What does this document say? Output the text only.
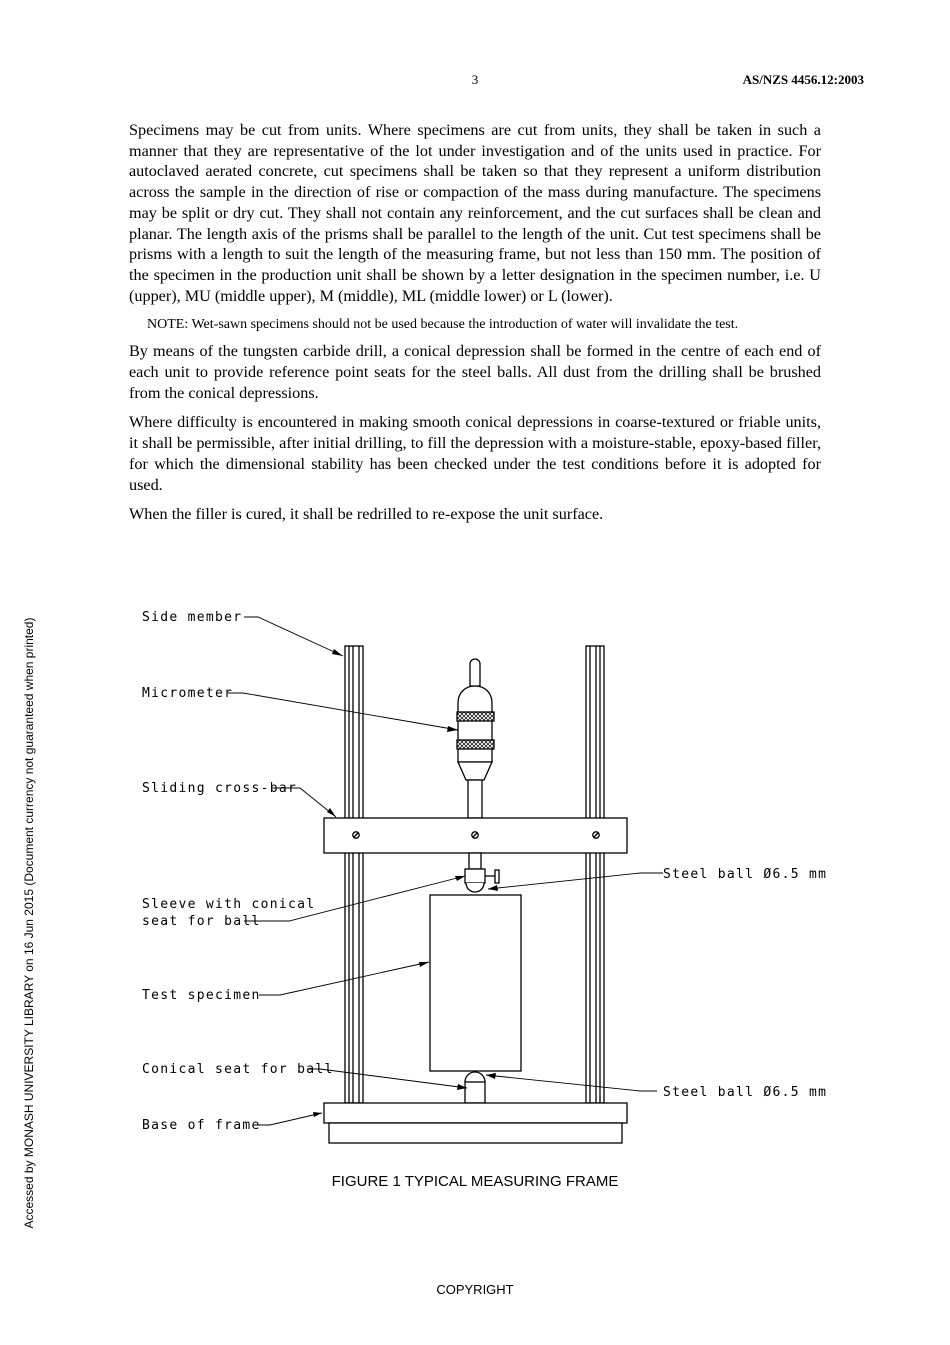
3	AS/NZS 4456.12:2003
Accessed by MONASH UNIVERSITY LIBRARY on 16 Jun 2015 (Document currency not guaranteed when printed)

Specimens may be cut from units. Where specimens are cut from units, they shall be taken in such a manner that they are representative of the lot under investigation and of the units used in practice. For autoclaved aerated concrete, cut specimens shall be taken so that they represent a uniform distribution across the sample in the direction of rise or compaction of the mass during manufacture. The specimens may be split or dry cut. They shall not contain any reinforcement, and the cut surfaces shall be clean and planar. The length axis of the prisms shall be parallel to the length of the unit. Cut test specimens shall be prisms with a length to suit the length of the measuring frame, but not less than 150 mm. The position of the specimen in the production unit shall be shown by a letter designation in the specimen number, i.e. U (upper), MU (middle upper), M (middle), ML (middle lower) or L (lower).

NOTE: Wet-sawn specimens should not be used because the introduction of water will invalidate the test.

By means of the tungsten carbide drill, a conical depression shall be formed in the centre of each end of each unit to provide reference point seats for the steel balls. All dust from the drilling shall be brushed from the conical depressions.

Where difficulty is encountered in making smooth conical depressions in coarse-textured or friable units, it shall be permissible, after initial drilling, to fill the depression with a moisture-stable, epoxy-based filler, for which the dimensional stability has been checked under the test conditions before it is adopted for used.

When the filler is cured, it shall be redrilled to re-expose the unit surface.

Side member
Micrometer
Sliding cross-bar
Sleeve with conical
seat for ball
Test specimen
Conical seat for ball
Base of frame
Steel ball Ø6.5 mm
Steel ball Ø6.5 mm
FIGURE 1 TYPICAL MEASURING FRAME
COPYRIGHT
